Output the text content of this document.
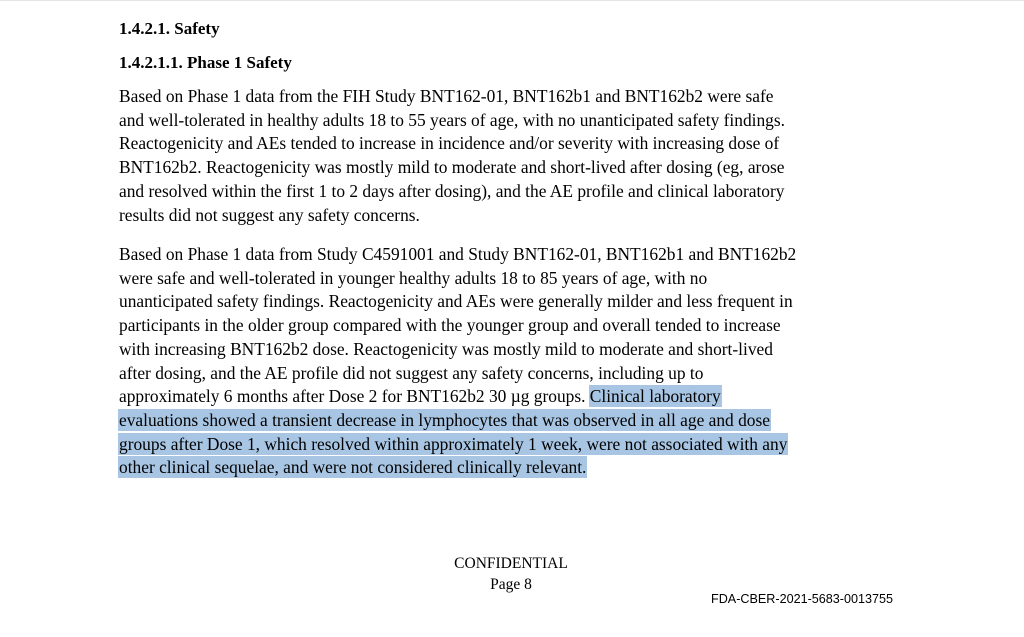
1.4.2.1. Safety
1.4.2.1.1. Phase 1 Safety

Based on Phase 1 data from the FIH Study BNT162-01, BNT162b1 and BNT162b2 were safe
and well-tolerated in healthy adults 18 to 55 years of age, with no unanticipated safety findings.
Reactogenicity and AEs tended to increase in incidence and/or severity with increasing dose of
BNT162b2. Reactogenicity was mostly mild to moderate and short-lived after dosing (eg, arose
and resolved within the first 1 to 2 days after dosing), and the AE profile and clinical laboratory
results did not suggest any safety concerns.

Based on Phase 1 data from Study C4591001 and Study BNT162-01, BNT162b1 and BNT162b2
were safe and well-tolerated in younger healthy adults 18 to 85 years of age, with no
unanticipated safety findings. Reactogenicity and AEs were generally milder and less frequent in
participants in the older group compared with the younger group and overall tended to increase
with increasing BNT162b2 dose. Reactogenicity was mostly mild to moderate and short-lived
after dosing, and the AE profile did not suggest any safety concerns, including up to
approximately 6 months after Dose 2 for BNT162b2 30 µg groups. Clinical laboratory
evaluations showed a transient decrease in lymphocytes that was observed in all age and dose
groups after Dose 1, which resolved within approximately 1 week, were not associated with any
other clinical sequelae, and were not considered clinically relevant.

CONFIDENTIAL
Page 8
FDA-CBER-2021-5683-0013755
